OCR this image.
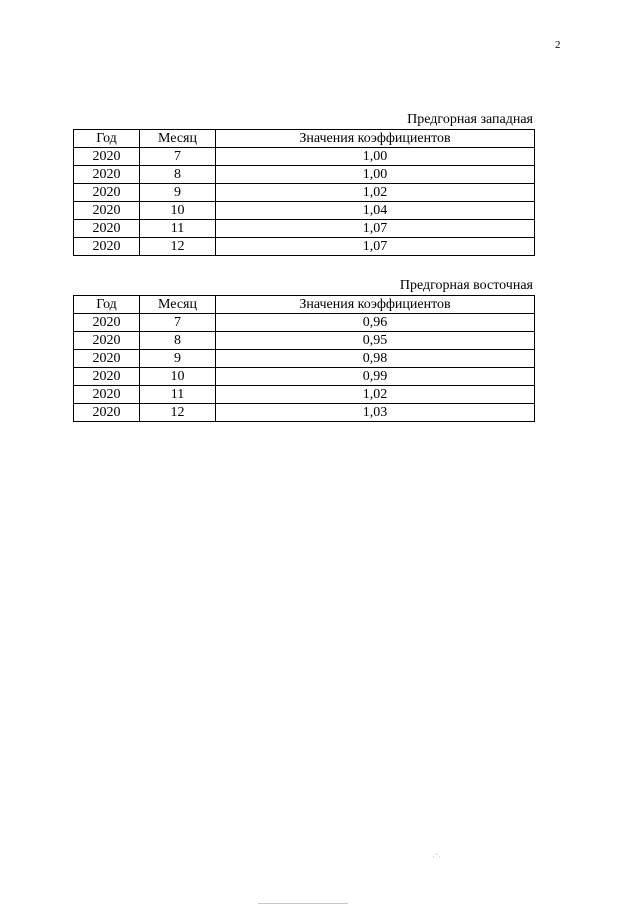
2
Предгорная западная
Год	Месяц	Значения коэффициентов
2020	7	1,00
2020	8	1,00
2020	9	1,02
2020	10	1,04
2020	11	1,07
2020	12	1,07
Предгорная восточная
Год	Месяц	Значения коэффициентов
2020	7	0,96
2020	8	0,95
2020	9	0,98
2020	10	0,99
2020	11	1,02
2020	12	1,03
·˘·
